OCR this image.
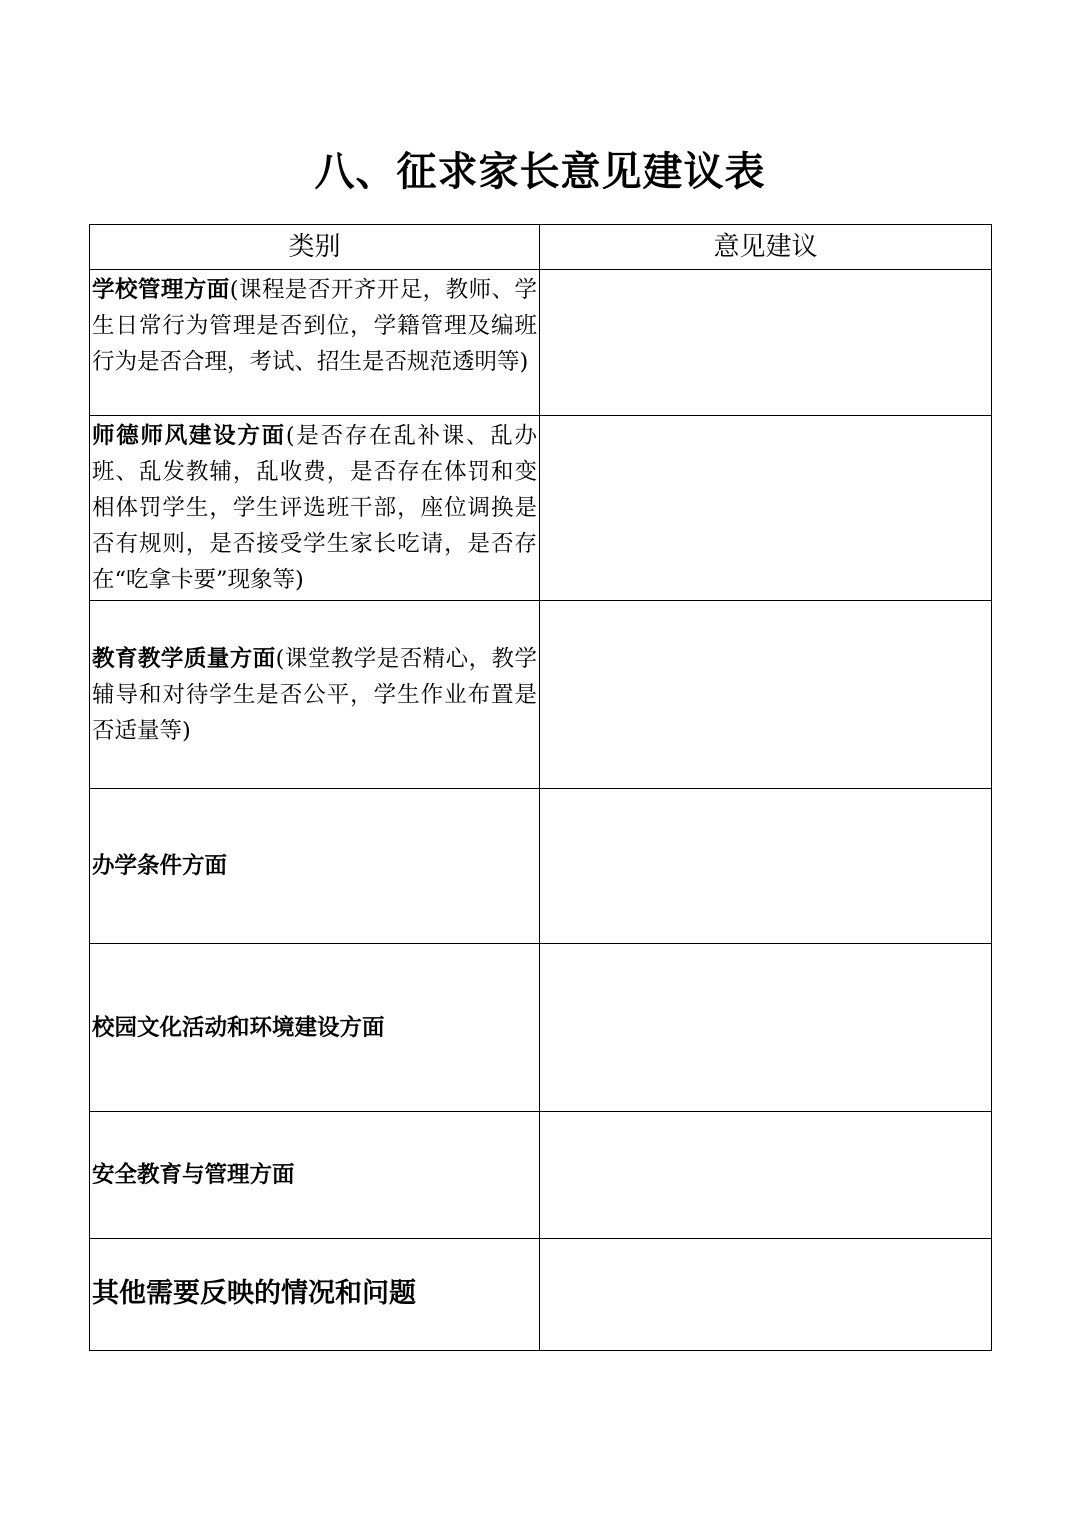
八、征求家长意见建议表
类别	意见建议
学校管理方面(课程是否开齐开足，教师、学生日常行为管理是否到位，学籍管理及编班行为是否合理，考试、招生是否规范透明等)	
师德师风建设方面(是否存在乱补课、乱办班、乱发教辅，乱收费，是否存在体罚和变相体罚学生，学生评选班干部，座位调换是否有规则，是否接受学生家长吃请，是否存在“吃拿卡要”现象等)	
教育教学质量方面(课堂教学是否精心，教学辅导和对待学生是否公平，学生作业布置是否适量等)	
办学条件方面	
校园文化活动和环境建设方面	
安全教育与管理方面	
其他需要反映的情况和问题	
